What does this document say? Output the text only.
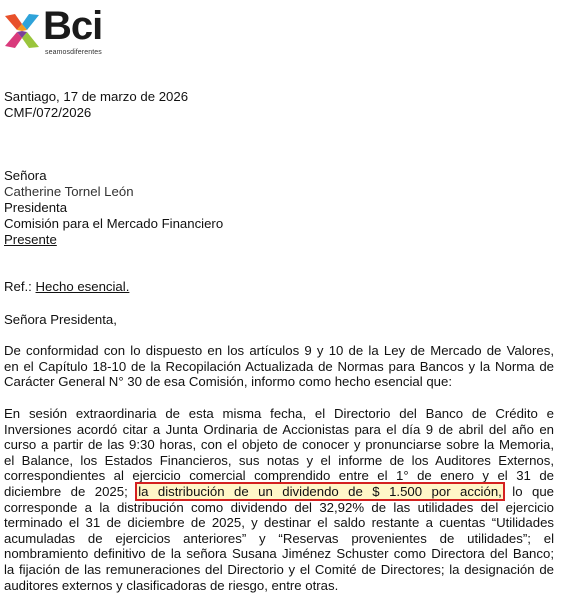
Bci
seamosdiferentes
Santiago, 17 de marzo de 2026
CMF/072/2026
Señora
Catherine Tornel León
Presidenta
Comisión para el Mercado Financiero
Presente
Ref.: Hecho esencial.
Señora Presidenta,
De conformidad con lo dispuesto en los artículos 9 y 10 de la Ley de Mercado de Valores,
en el Capítulo 18-10 de la Recopilación Actualizada de Normas para Bancos y la Norma de
Carácter General N° 30 de esa Comisión, informo como hecho esencial que:
En sesión extraordinaria de esta misma fecha, el Directorio del Banco de Crédito e
Inversiones acordó citar a Junta Ordinaria de Accionistas para el día 9 de abril del año en
curso a partir de las 9:30 horas, con el objeto de conocer y pronunciarse sobre la Memoria,
el Balance, los Estados Financieros, sus notas y el informe de los Auditores Externos,
correspondientes al ejercicio comercial comprendido entre el 1° de enero y el 31 de
diciembre de 2025; la distribución de un dividendo de $ 1.500 por acción, lo que
corresponde a la distribución como dividendo del 32,92% de las utilidades del ejercicio
terminado el 31 de diciembre de 2025, y destinar el saldo restante a cuentas “Utilidades
acumuladas de ejercicios anteriores” y “Reservas provenientes de utilidades”; el
nombramiento definitivo de la señora Susana Jiménez Schuster como Directora del Banco;
la fijación de las remuneraciones del Directorio y el Comité de Directores; la designación de
auditores externos y clasificadoras de riesgo, entre otras.
